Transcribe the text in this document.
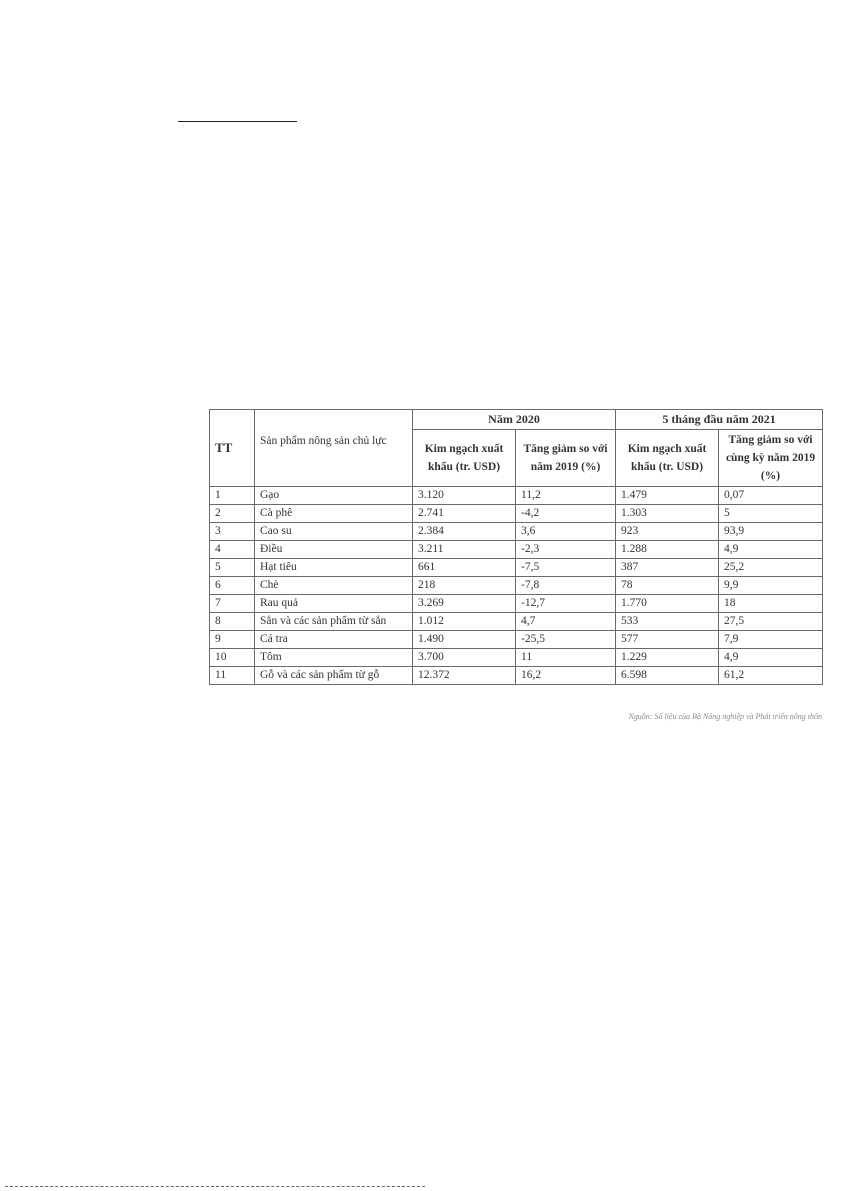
TT	Sản phẩm nông sản chủ lực	Năm 2020		5 tháng đầu năm 2021	
		Kim ngạch xuất khẩu (tr. USD)	Tăng giảm so với năm 2019 (%)	Kim ngạch xuất khẩu (tr. USD)	Tăng giảm so với cùng kỳ năm 2019 (%)
1	Gạo	3.120	11,2	1.479	0,07
2	Cà phê	2.741	-4,2	1.303	5
3	Cao su	2.384	3,6	923	93,9
4	Điều	3.211	-2,3	1.288	4,9
5	Hạt tiêu	661	-7,5	387	25,2
6	Chè	218	-7,8	78	9,9
7	Rau quả	3.269	-12,7	1.770	18
8	Sắn và các sản phẩm từ sắn	1.012	4,7	533	27,5
9	Cá tra	1.490	-25,5	577	7,9
10	Tôm	3.700	11	1.229	4,9
11	Gỗ và các sản phẩm từ gỗ	12.372	16,2	6.598	61,2
Nguồn: Số liệu của Bộ Nông nghiệp và Phát triển nông thôn
